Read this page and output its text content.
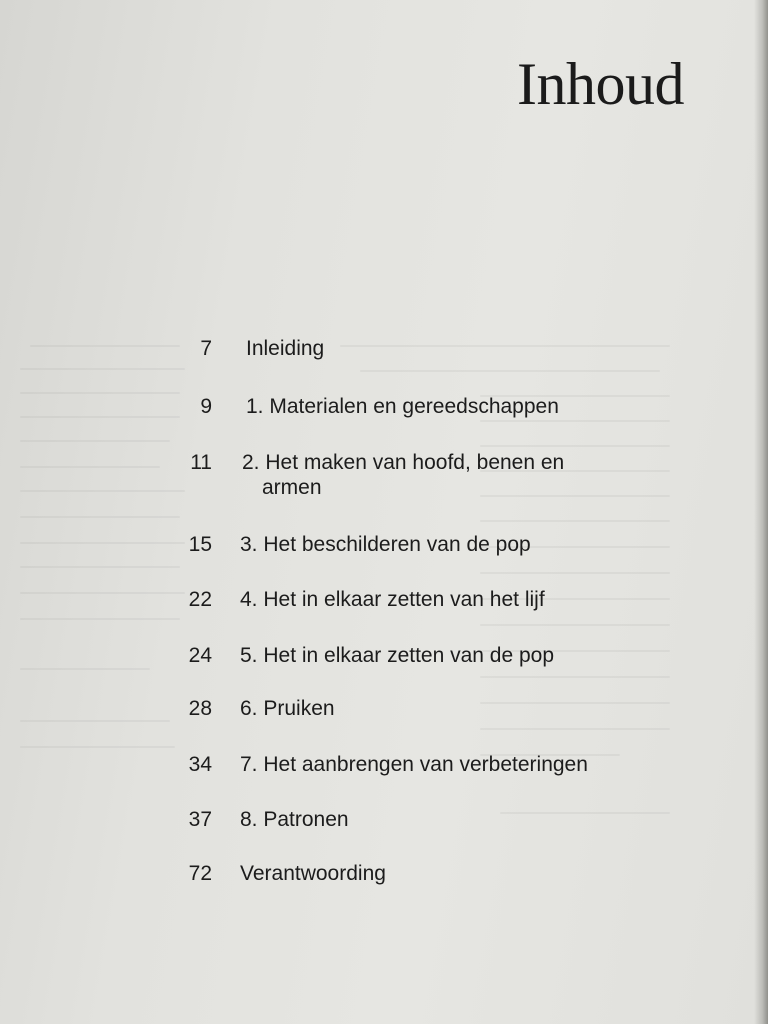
Inhoud
7 Inleiding
9 1. Materialen en gereedschappen
11 2. Het maken van hoofd, benen en
armen
15 3. Het beschilderen van de pop
22 4. Het in elkaar zetten van het lijf
24 5. Het in elkaar zetten van de pop
28 6. Pruiken
34 7. Het aanbrengen van verbeteringen
37 8. Patronen
72 Verantwoording
